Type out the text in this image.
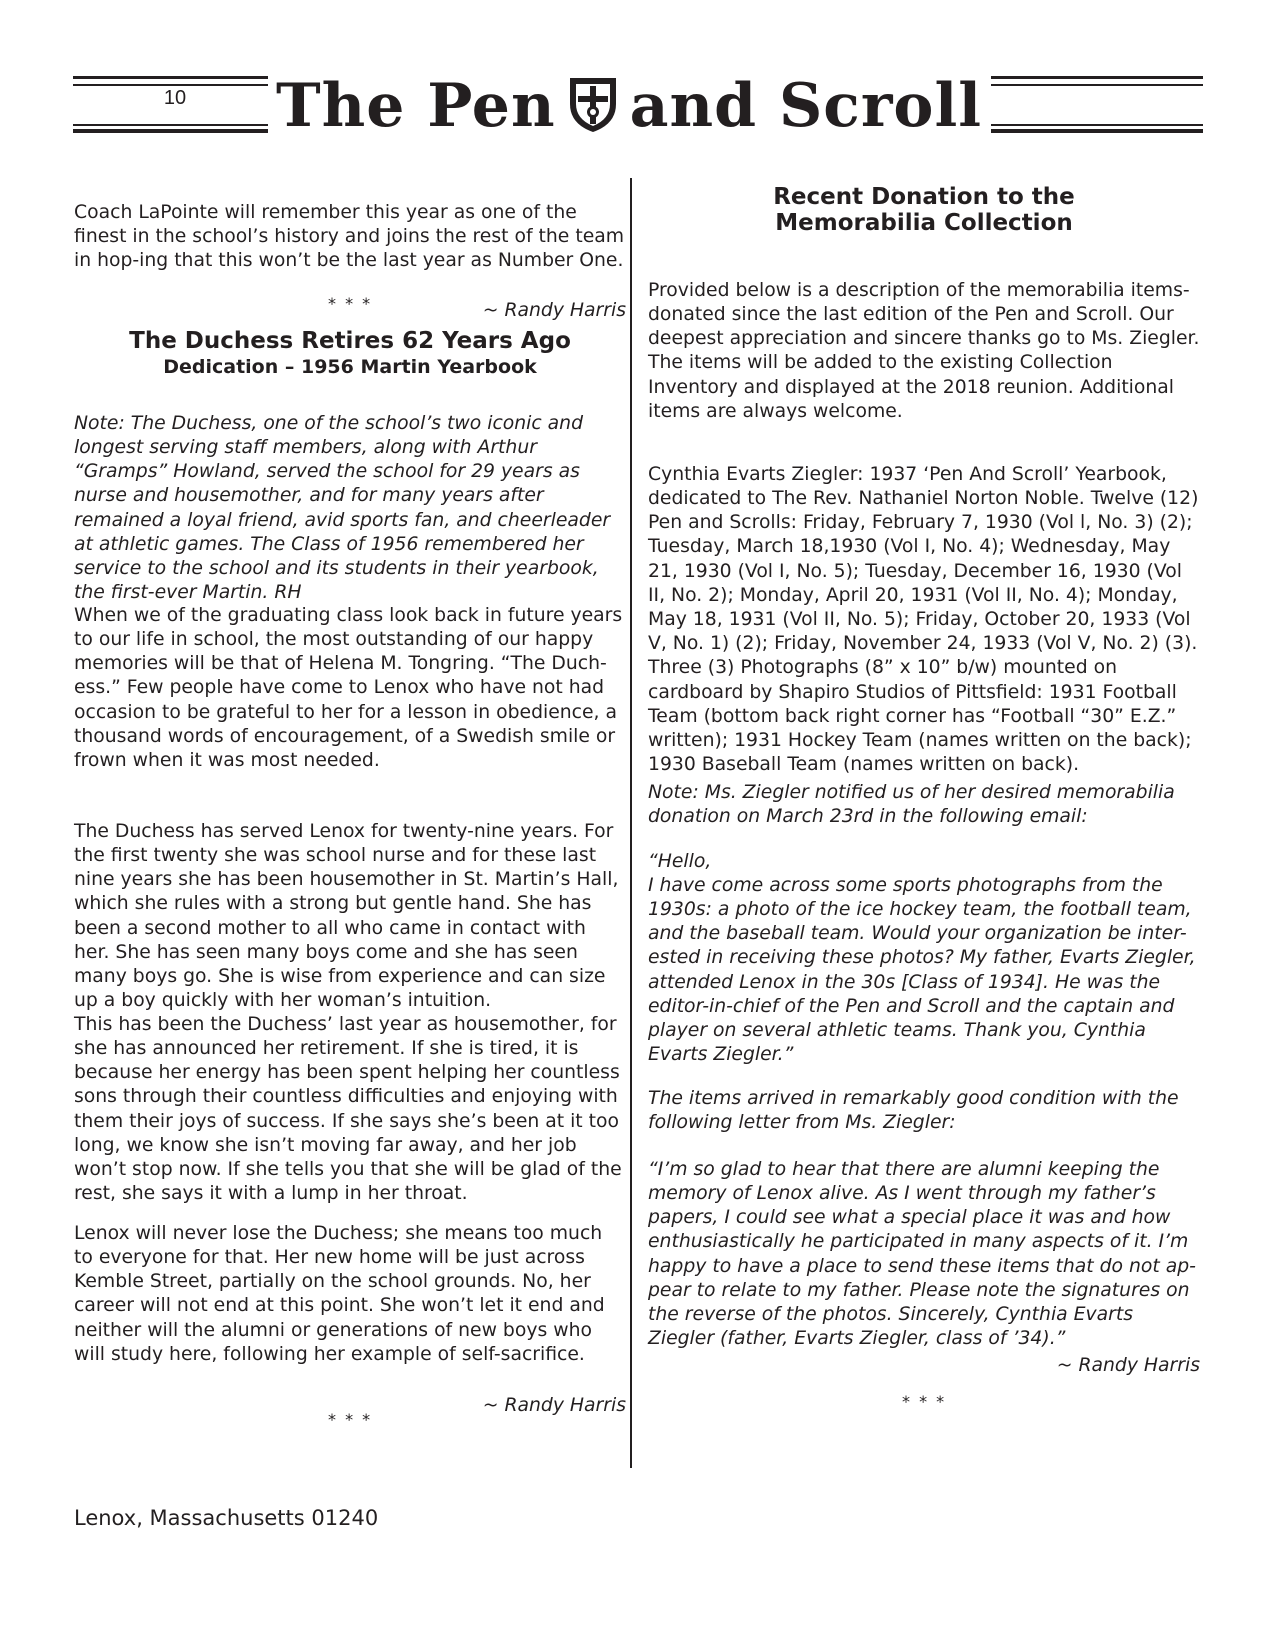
10 The Pen and Scroll

Coach LaPointe will remember this year as one of the finest in the school’s history and joins the rest of the team in hop-ing that this won’t be the last year as Number One.

~ Randy Harris

* * *
The Duchess Retires 62 Years Ago
Dedication – 1956 Martin Yearbook

Note: The Duchess, one of the school’s two iconic and longest serving staff members, along with Arthur “Gramps” Howland, served the school for 29 years as nurse and housemother, and for many years after remained a loyal friend, avid sports fan, and cheerleader at athletic games. The Class of 1956 remembered her service to the school and its students in their yearbook, the first-ever Martin. RH

When we of the graduating class look back in future years to our life in school, the most outstanding of our happy memories will be that of Helena M. Tongring. “The Duch-ess.” Few people have come to Lenox who have not had occasion to be grateful to her for a lesson in obedience, a thousand words of encouragement, of a Swedish smile or frown when it was most needed.

The Duchess has served Lenox for twenty-nine years. For the first twenty she was school nurse and for these last nine years she has been housemother in St. Martin’s Hall, which she rules with a strong but gentle hand. She has been a second mother to all who came in contact with her. She has seen many boys come and she has seen many boys go. She is wise from experience and can size up a boy quickly with her woman’s intuition.

This has been the Duchess’ last year as housemother, for she has announced her retirement. If she is tired, it is because her energy has been spent helping her countless sons through their countless difficulties and enjoying with them their joys of success. If she says she’s been at it too long, we know she isn’t moving far away, and her job won’t stop now. If she tells you that she will be glad of the rest, she says it with a lump in her throat.

Lenox will never lose the Duchess; she means too much to everyone for that. Her new home will be just across Kemble Street, partially on the school grounds. No, her career will not end at this point. She won’t let it end and neither will the alumni or generations of new boys who will study here, following her example of self-sacrifice.

~ Randy Harris

* * *
Recent Donation to the
Memorabilia Collection

Provided below is a description of the memorabilia items-donated since the last edition of the Pen and Scroll. Our deepest appreciation and sincere thanks go to Ms. Ziegler. The items will be added to the existing Collection Inventory and displayed at the 2018 reunion. Additional items are always welcome.

Cynthia Evarts Ziegler: 1937 ‘Pen And Scroll’ Yearbook, dedicated to The Rev. Nathaniel Norton Noble. Twelve (12) Pen and Scrolls: Friday, February 7, 1930 (Vol l, No. 3) (2); Tuesday, March 18,1930 (Vol I, No. 4); Wednesday, May 21, 1930 (Vol I, No. 5); Tuesday, December 16, 1930 (Vol II, No. 2); Monday, April 20, 1931 (Vol II, No. 4); Monday, May 18, 1931 (Vol II, No. 5); Friday, October 20, 1933 (Vol V, No. 1) (2); Friday, November 24, 1933 (Vol V, No. 2) (3). Three (3) Photographs (8” x 10” b/w) mounted on cardboard by Shapiro Studios of Pittsfield: 1931 Football Team (bottom back right corner has “Football “30” E.Z.” written); 1931 Hockey Team (names written on the back); 1930 Baseball Team (names written on back).

Note: Ms. Ziegler notified us of her desired memorabilia donation on March 23rd in the following email:

“Hello,

I have come across some sports photographs from the 1930s: a photo of the ice hockey team, the football team, and the baseball team. Would your organization be inter-ested in receiving these photos? My father, Evarts Ziegler, attended Lenox in the 30s [Class of 1934]. He was the editor-in-chief of the Pen and Scroll and the captain and player on several athletic teams. Thank you, Cynthia Evarts Ziegler.”

The items arrived in remarkably good condition with the following letter from Ms. Ziegler:

“I’m so glad to hear that there are alumni keeping the memory of Lenox alive. As I went through my father’s papers, I could see what a special place it was and how enthusiastically he participated in many aspects of it. I’m happy to have a place to send these items that do not ap-pear to relate to my father. Please note the signatures on the reverse of the photos. Sincerely, Cynthia Evarts Ziegler (father, Evarts Ziegler, class of ’34).”

~ Randy Harris

* * *
Lenox, Massachusetts 01240
